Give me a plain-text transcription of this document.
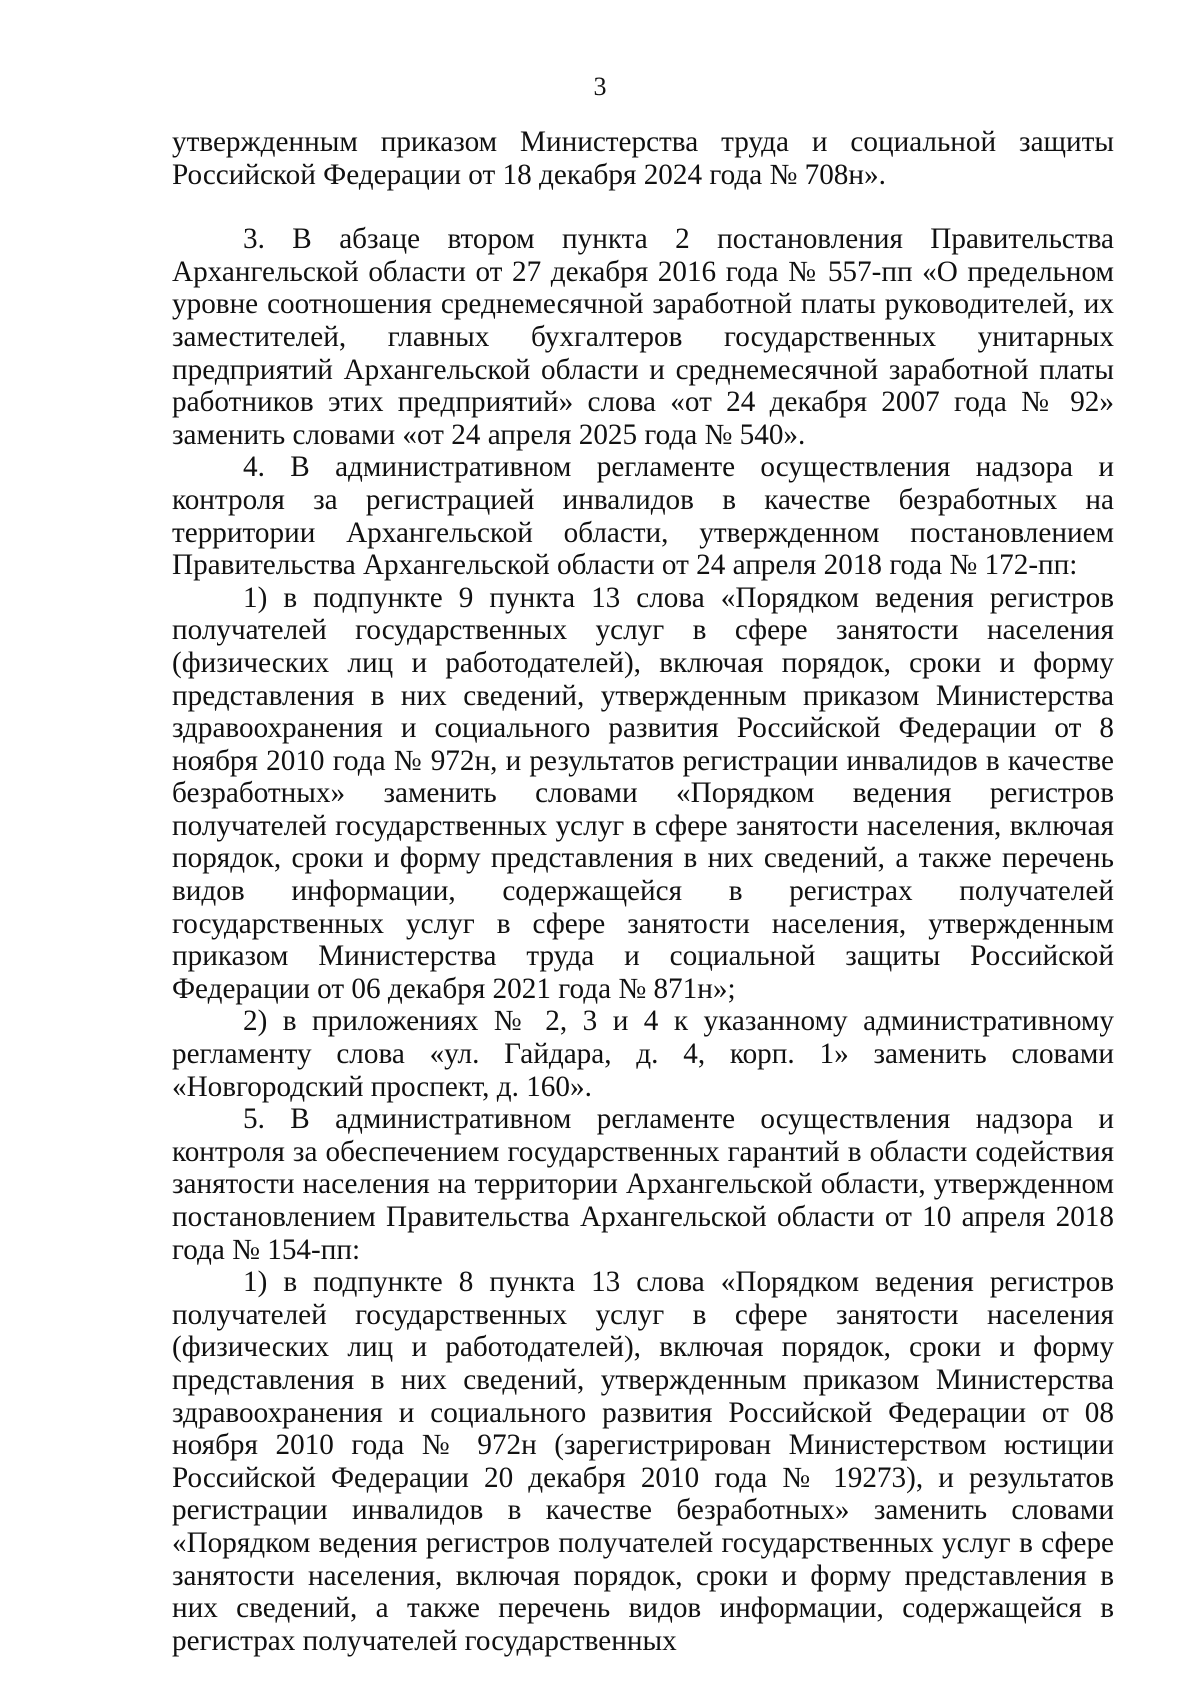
3

утвержденным приказом Министерства труда и социальной защиты Российской Федерации от 18 декабря 2024 года № 708н».

3. В абзаце втором пункта 2 постановления Правительства Архангельской области от 27 декабря 2016 года № 557-пп «О предельном уровне соотношения среднемесячной заработной платы руководителей, их заместителей, главных бухгалтеров государственных унитарных предприятий Архангельской области и среднемесячной заработной платы работников этих предприятий» слова «от 24 декабря 2007 года № 92» заменить словами «от 24 апреля 2025 года № 540».

4. В административном регламенте осуществления надзора и контроля за регистрацией инвалидов в качестве безработных на территории Архангельской области, утвержденном постановлением Правительства Архангельской области от 24 апреля 2018 года № 172-пп:

1) в подпункте 9 пункта 13 слова «Порядком ведения регистров получателей государственных услуг в сфере занятости населения (физических лиц и работодателей), включая порядок, сроки и форму представления в них сведений, утвержденным приказом Министерства здравоохранения и социального развития Российской Федерации от 8 ноября 2010 года № 972н, и результатов регистрации инвалидов в качестве безработных» заменить словами «Порядком ведения регистров получателей государственных услуг в сфере занятости населения, включая порядок, сроки и форму представления в них сведений, а также перечень видов информации, содержащейся в регистрах получателей государственных услуг в сфере занятости населения, утвержденным приказом Министерства труда и социальной защиты Российской Федерации от 06 декабря 2021 года № 871н»;

2) в приложениях № 2, 3 и 4 к указанному административному регламенту слова «ул. Гайдара, д. 4, корп. 1» заменить словами «Новгородский проспект, д. 160».

5. В административном регламенте осуществления надзора и контроля за обеспечением государственных гарантий в области содействия занятости населения на территории Архангельской области, утвержденном постановлением Правительства Архангельской области от 10 апреля 2018 года № 154-пп:

1) в подпункте 8 пункта 13 слова «Порядком ведения регистров получателей государственных услуг в сфере занятости населения (физических лиц и работодателей), включая порядок, сроки и форму представления в них сведений, утвержденным приказом Министерства здравоохранения и социального развития Российской Федерации от 08 ноября 2010 года № 972н (зарегистрирован Министерством юстиции Российской Федерации 20 декабря 2010 года № 19273), и результатов регистрации инвалидов в качестве безработных» заменить словами «Порядком ведения регистров получателей государственных услуг в сфере занятости населения, включая порядок, сроки и форму представления в них сведений, а также перечень видов информации, содержащейся в регистрах получателей государственных
